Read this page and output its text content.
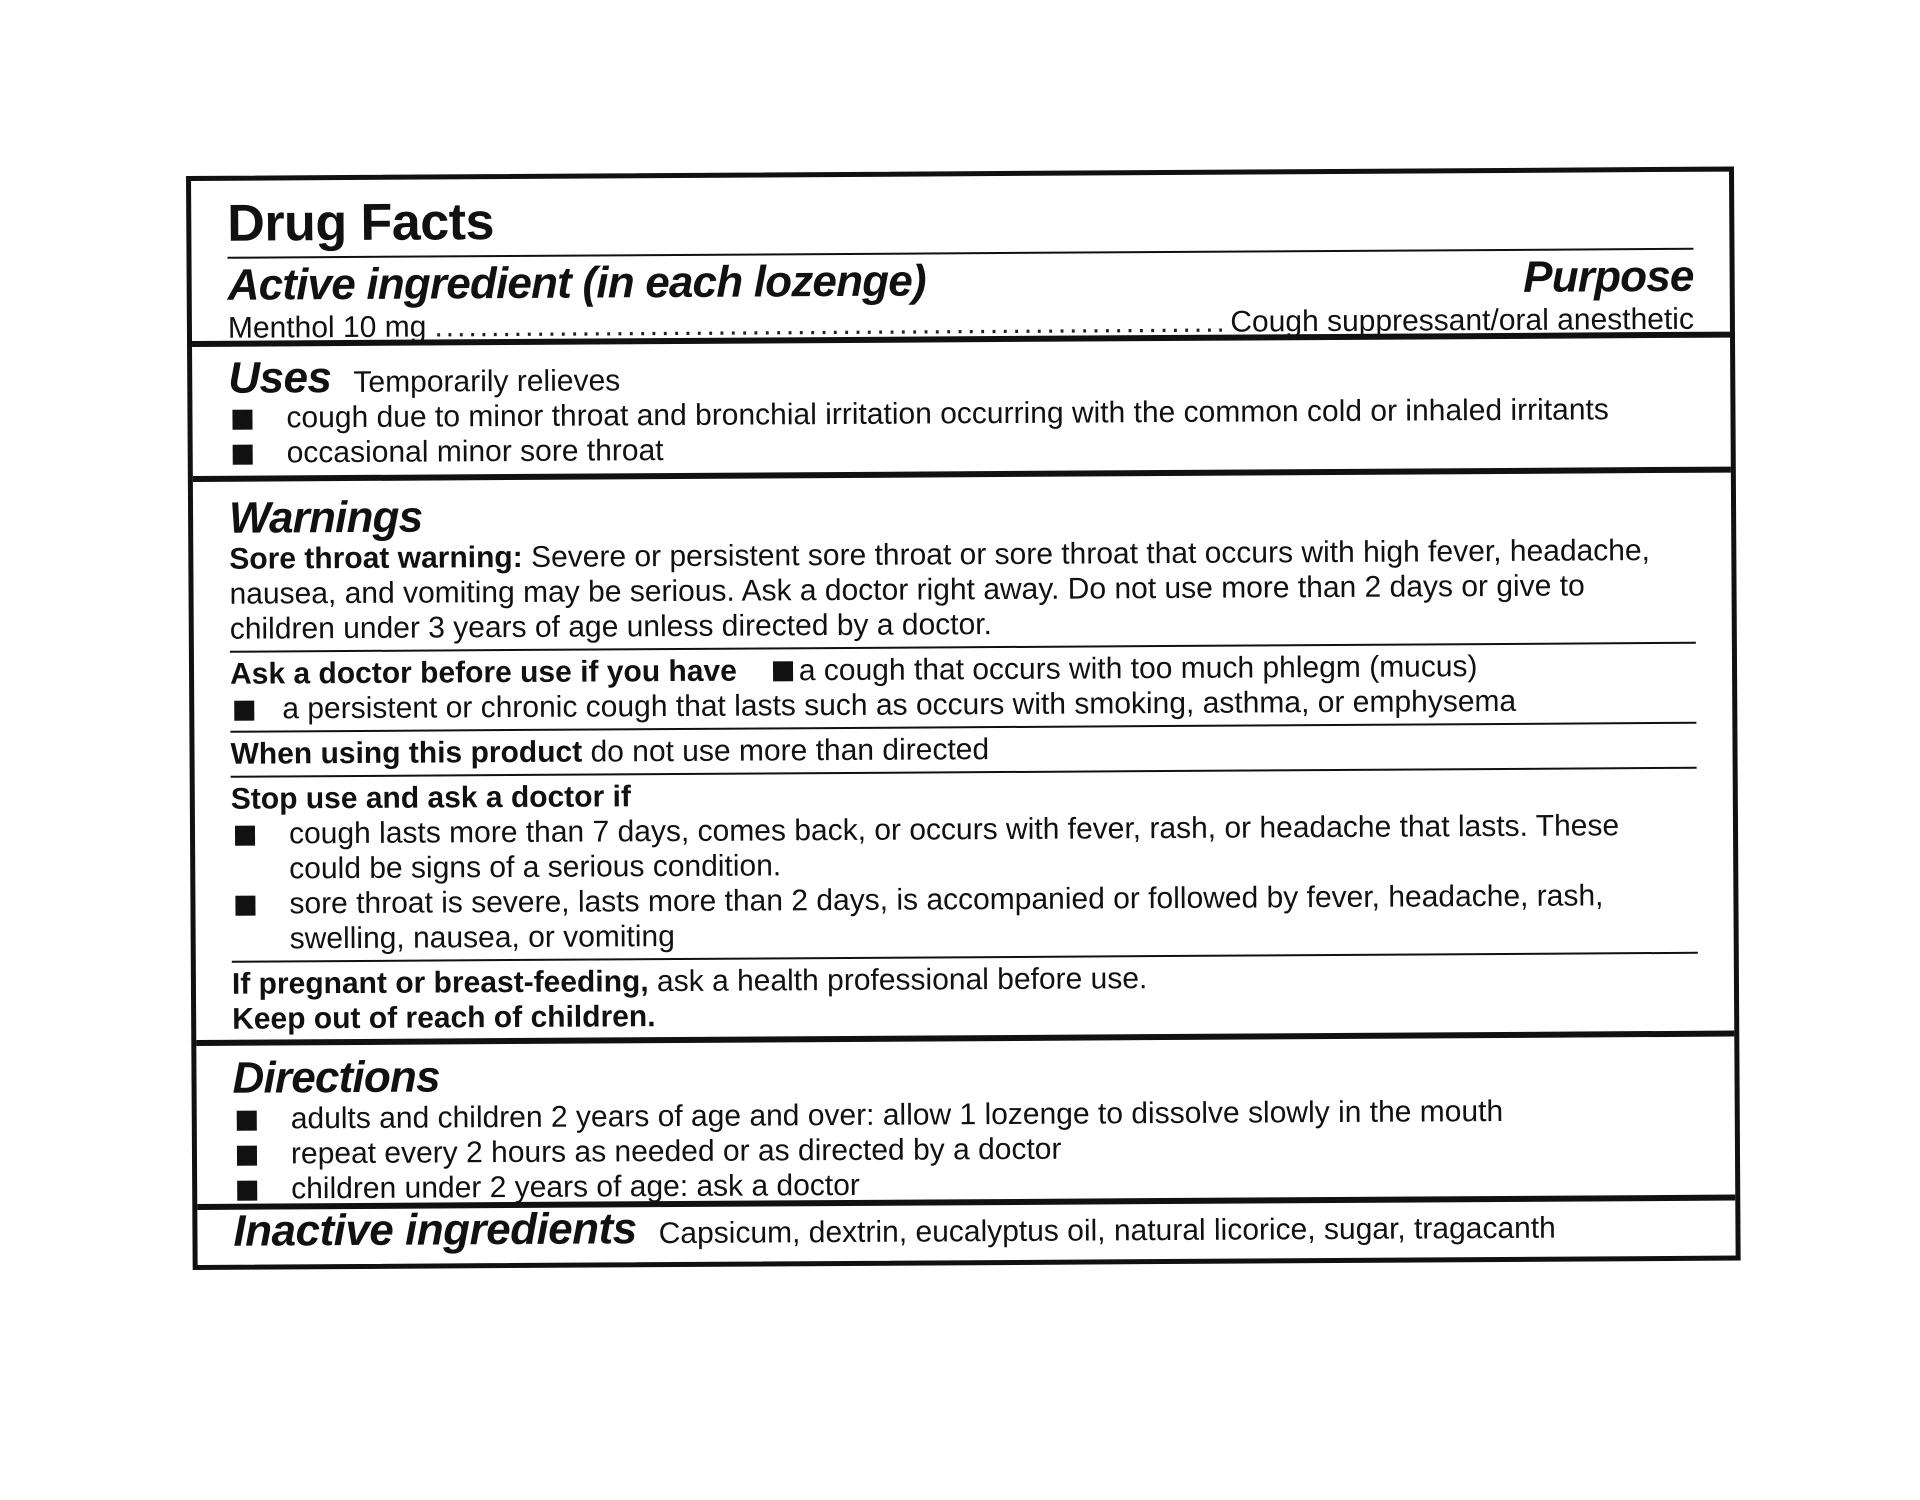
Drug Facts
Active ingredient (in each lozenge)	Purpose
Menthol 10 mg
.....	Cough suppressant/oral anesthetic
Uses Temporarily relieves
cough due to minor throat and bronchial irritation occurring with the common cold or inhaled irritants
occasional minor sore throat
Warnings
Sore throat warning: Severe or persistent sore throat or sore throat that occurs with high fever, headache, nausea, and vomiting may be serious. Ask a doctor right away. Do not use more than 2 days or give to children under 3 years of age unless directed by a doctor.
Ask a doctor before use if you have a cough that occurs with too much phlegm (mucus)
a persistent or chronic cough that lasts such as occurs with smoking, asthma, or emphysema
When using this product do not use more than directed
Stop use and ask a doctor if
cough lasts more than 7 days, comes back, or occurs with fever, rash, or headache that lasts. These could be signs of a serious condition.
sore throat is severe, lasts more than 2 days, is accompanied or followed by fever, headache, rash, swelling, nausea, or vomiting
If pregnant or breast-feeding, ask a health professional before use.
Keep out of reach of children.
Directions
adults and children 2 years of age and over: allow 1 lozenge to dissolve slowly in the mouth
repeat every 2 hours as needed or as directed by a doctor
children under 2 years of age: ask a doctor
Inactive ingredients Capsicum, dextrin, eucalyptus oil, natural licorice, sugar, tragacanth
